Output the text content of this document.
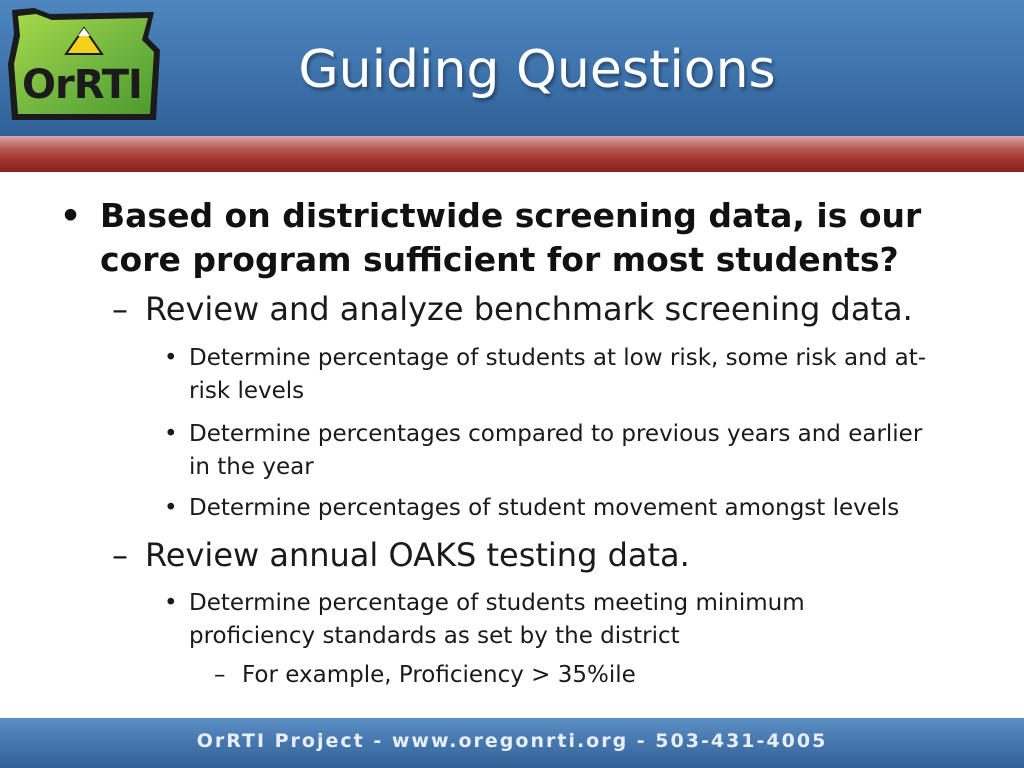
Guiding Questions
OrRTI
• Based on districtwide screening data, is our core program sufficient for most students?
– Review and analyze benchmark screening data.
• Determine percentage of students at low risk, some risk and at-risk levels
• Determine percentages compared to previous years and earlier in the year
• Determine percentages of student movement amongst levels
– Review annual OAKS testing data.
• Determine percentage of students meeting minimum proficiency standards as set by the district
– For example, Proficiency > 35%ile
OrRTI Project - www.oregonrti.org - 503-431-4005
